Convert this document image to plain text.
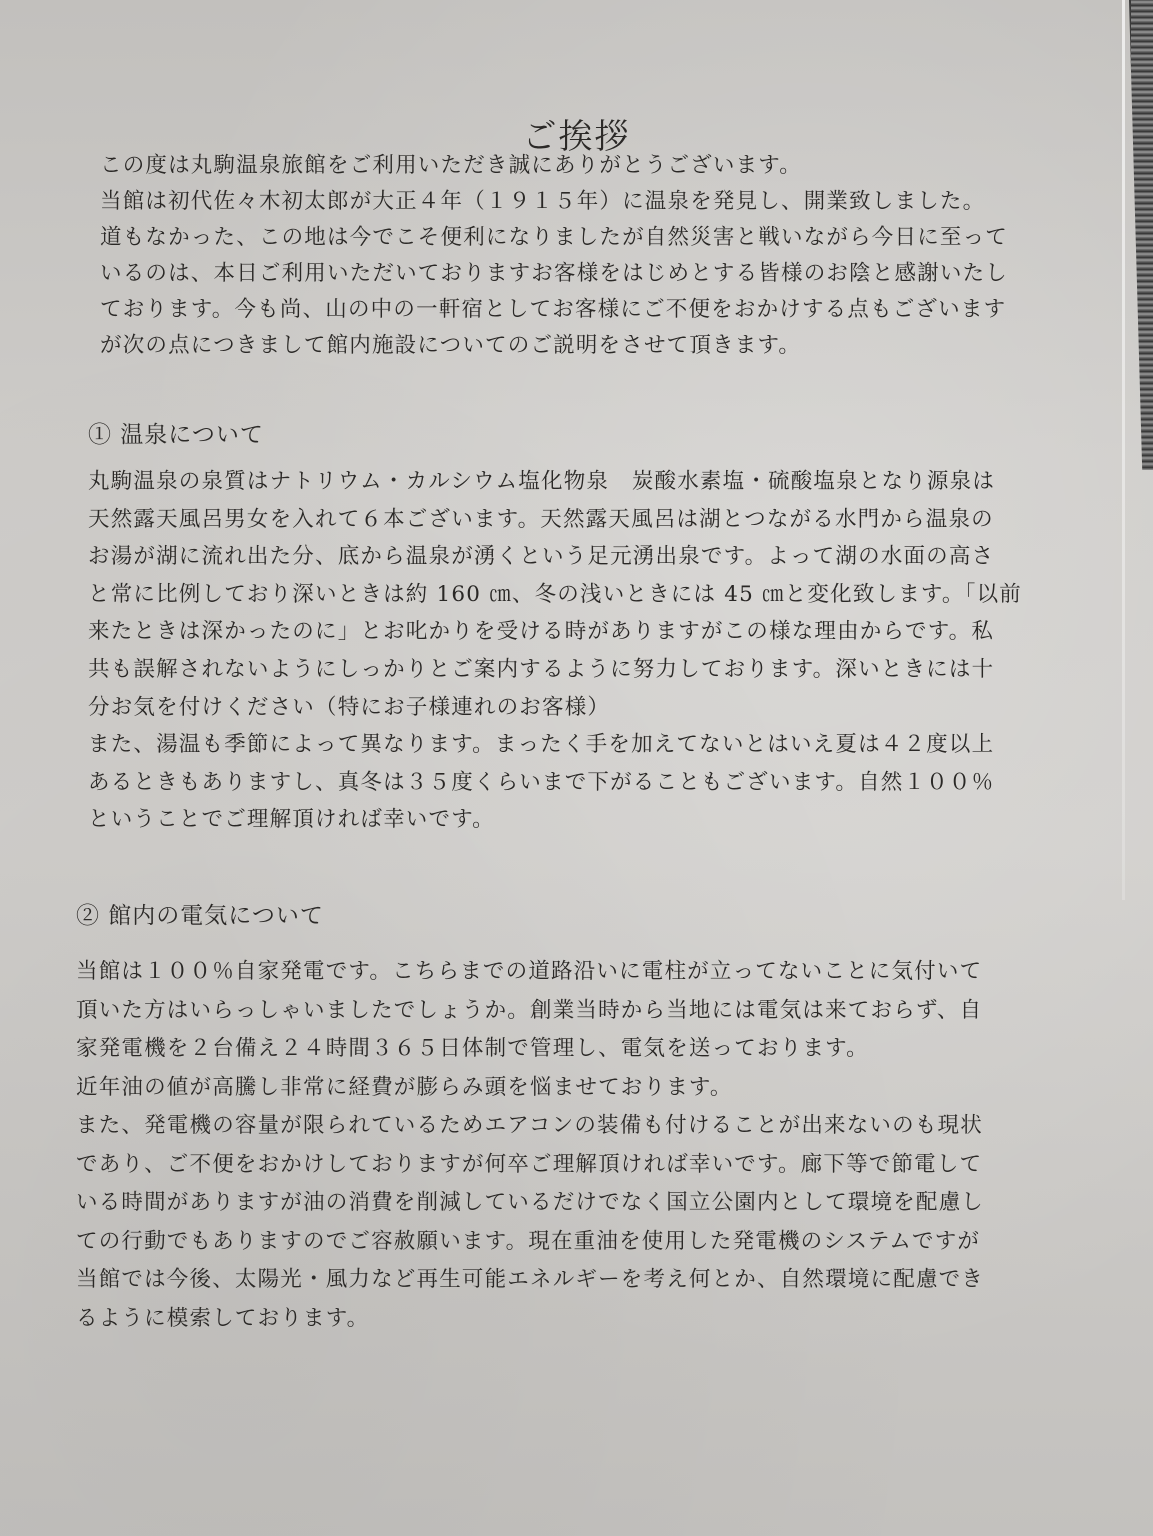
ご挨拶
この度は丸駒温泉旅館をご利用いただき誠にありがとうございます。
当館は初代佐々木初太郎が大正４年（１９１５年）に温泉を発見し、開業致しました。
道もなかった、この地は今でこそ便利になりましたが自然災害と戦いながら今日に至って
いるのは、本日ご利用いただいておりますお客様をはじめとする皆様のお陰と感謝いたし
ております。今も尚、山の中の一軒宿としてお客様にご不便をおかけする点もございます
が次の点につきまして館内施設についてのご説明をさせて頂きます。
① 温泉について
丸駒温泉の泉質はナトリウム・カルシウム塩化物泉　炭酸水素塩・硫酸塩泉となり源泉は
天然露天風呂男女を入れて６本ございます。天然露天風呂は湖とつながる水門から温泉の
お湯が湖に流れ出た分、底から温泉が湧くという足元湧出泉です。よって湖の水面の高さ
と常に比例しており深いときは約 160 ㎝、冬の浅いときには 45 ㎝と変化致します。「以前
来たときは深かったのに」とお叱かりを受ける時がありますがこの様な理由からです。私
共も誤解されないようにしっかりとご案内するように努力しております。深いときには十
分お気を付けください（特にお子様連れのお客様）
また、湯温も季節によって異なります。まったく手を加えてないとはいえ夏は４２度以上
あるときもありますし、真冬は３５度くらいまで下がることもございます。自然１００％
ということでご理解頂ければ幸いです。
② 館内の電気について
当館は１００％自家発電です。こちらまでの道路沿いに電柱が立ってないことに気付いて
頂いた方はいらっしゃいましたでしょうか。創業当時から当地には電気は来ておらず、自
家発電機を２台備え２４時間３６５日体制で管理し、電気を送っております。
近年油の値が高騰し非常に経費が膨らみ頭を悩ませております。
また、発電機の容量が限られているためエアコンの装備も付けることが出来ないのも現状
であり、ご不便をおかけしておりますが何卒ご理解頂ければ幸いです。廊下等で節電して
いる時間がありますが油の消費を削減しているだけでなく国立公園内として環境を配慮し
ての行動でもありますのでご容赦願います。現在重油を使用した発電機のシステムですが
当館では今後、太陽光・風力など再生可能エネルギーを考え何とか、自然環境に配慮でき
るように模索しております。
